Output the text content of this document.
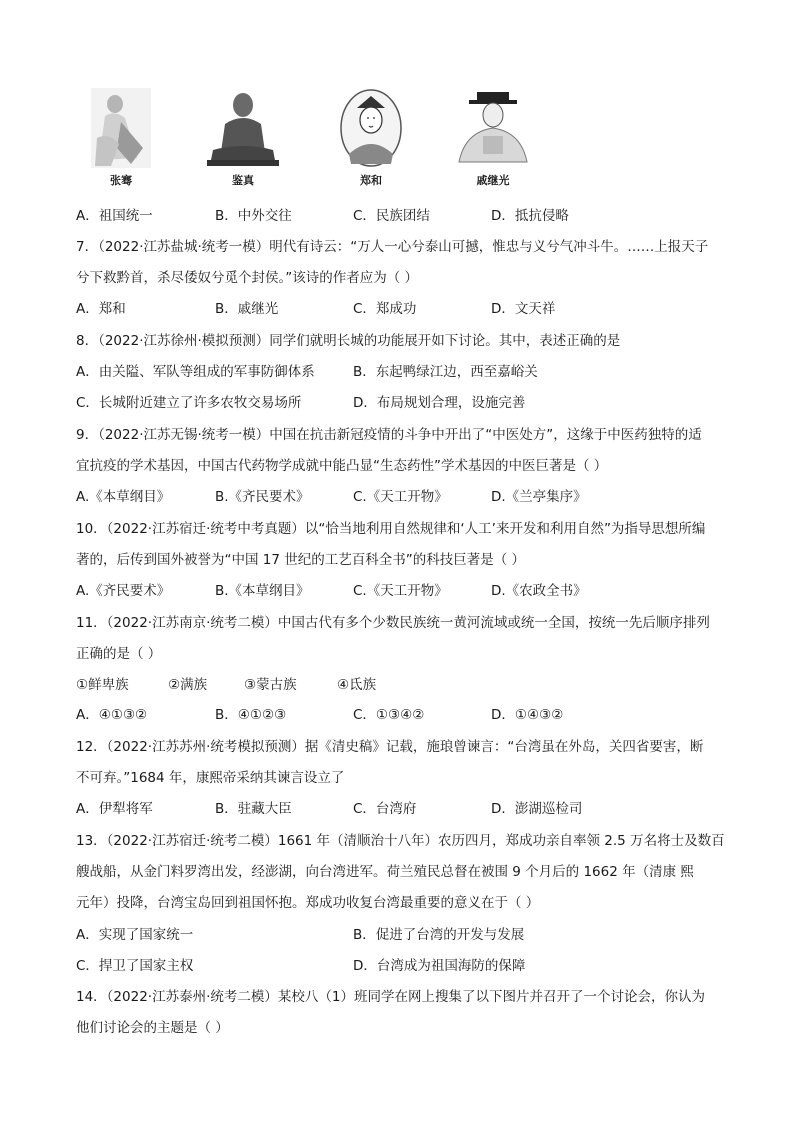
张骞	鉴真	郑和	戚继光
A．祖国统一	B．中外交往	C．民族团结	D．抵抗侵略
7．（2022·江苏盐城·统考一模）明代有诗云：“万人一心兮泰山可撼，惟忠与义兮气冲斗牛。……上报天子
兮下救黔首，杀尽倭奴兮觅个封侯。”该诗的作者应为（ ）
A．郑和	B．戚继光	C．郑成功	D．文天祥
8．（2022·江苏徐州·模拟预测）同学们就明长城的功能展开如下讨论。其中，表述正确的是
A．由关隘、军队等组成的军事防御体系	B．东起鸭绿江边，西至嘉峪关
C．长城附近建立了许多农牧交易场所	D．布局规划合理，设施完善
9．（2022·江苏无锡·统考一模）中国在抗击新冠疫情的斗争中开出了“中医处方”，这缘于中医药独特的适
宜抗疫的学术基因，中国古代药物学成就中能凸显“生态药性”学术基因的中医巨著是（ ）
A.《本草纲目》	B.《齐民要术》	C.《天工开物》	D.《兰亭集序》
10．（2022·江苏宿迁·统考中考真题）以“恰当地利用自然规律和‘人工’来开发和利用自然”为指导思想所编
著的，后传到国外被誉为“中国 17 世纪的工艺百科全书”的科技巨著是（ ）
A.《齐民要术》	B.《本草纲目》	C.《天工开物》	D.《农政全书》
11．（2022·江苏南京·统考二模）中国古代有多个少数民族统一黄河流域或统一全国，按统一先后顺序排列
正确的是（ ）
①鲜卑族	②满族	③蒙古族	④氐族
A．④①③②	B．④①②③	C．①③④②	D．①④③②
12．（2022·江苏苏州·统考模拟预测）据《清史稿》记载，施琅曾谏言：“台湾虽在外岛，关四省要害，断
不可弃。”1684 年，康熙帝采纳其谏言设立了
A．伊犁将军	B．驻藏大臣	C．台湾府	D．澎湖巡检司
13．（2022·江苏宿迁·统考二模）1661 年（清顺治十八年）农历四月，郑成功亲自率领 2.5 万名将士及数百
艘战船，从金门料罗湾出发，经澎湖，向台湾进军。荷兰殖民总督在被围 9 个月后的 1662 年（清康 熙
元年）投降，台湾宝岛回到祖国怀抱。郑成功收复台湾最重要的意义在于（ ）
A．实现了国家统一	B．促进了台湾的开发与发展
C．捍卫了国家主权	D．台湾成为祖国海防的保障
14．（2022·江苏泰州·统考二模）某校八（1）班同学在网上搜集了以下图片并召开了一个讨论会，你认为
他们讨论会的主题是（ ）
